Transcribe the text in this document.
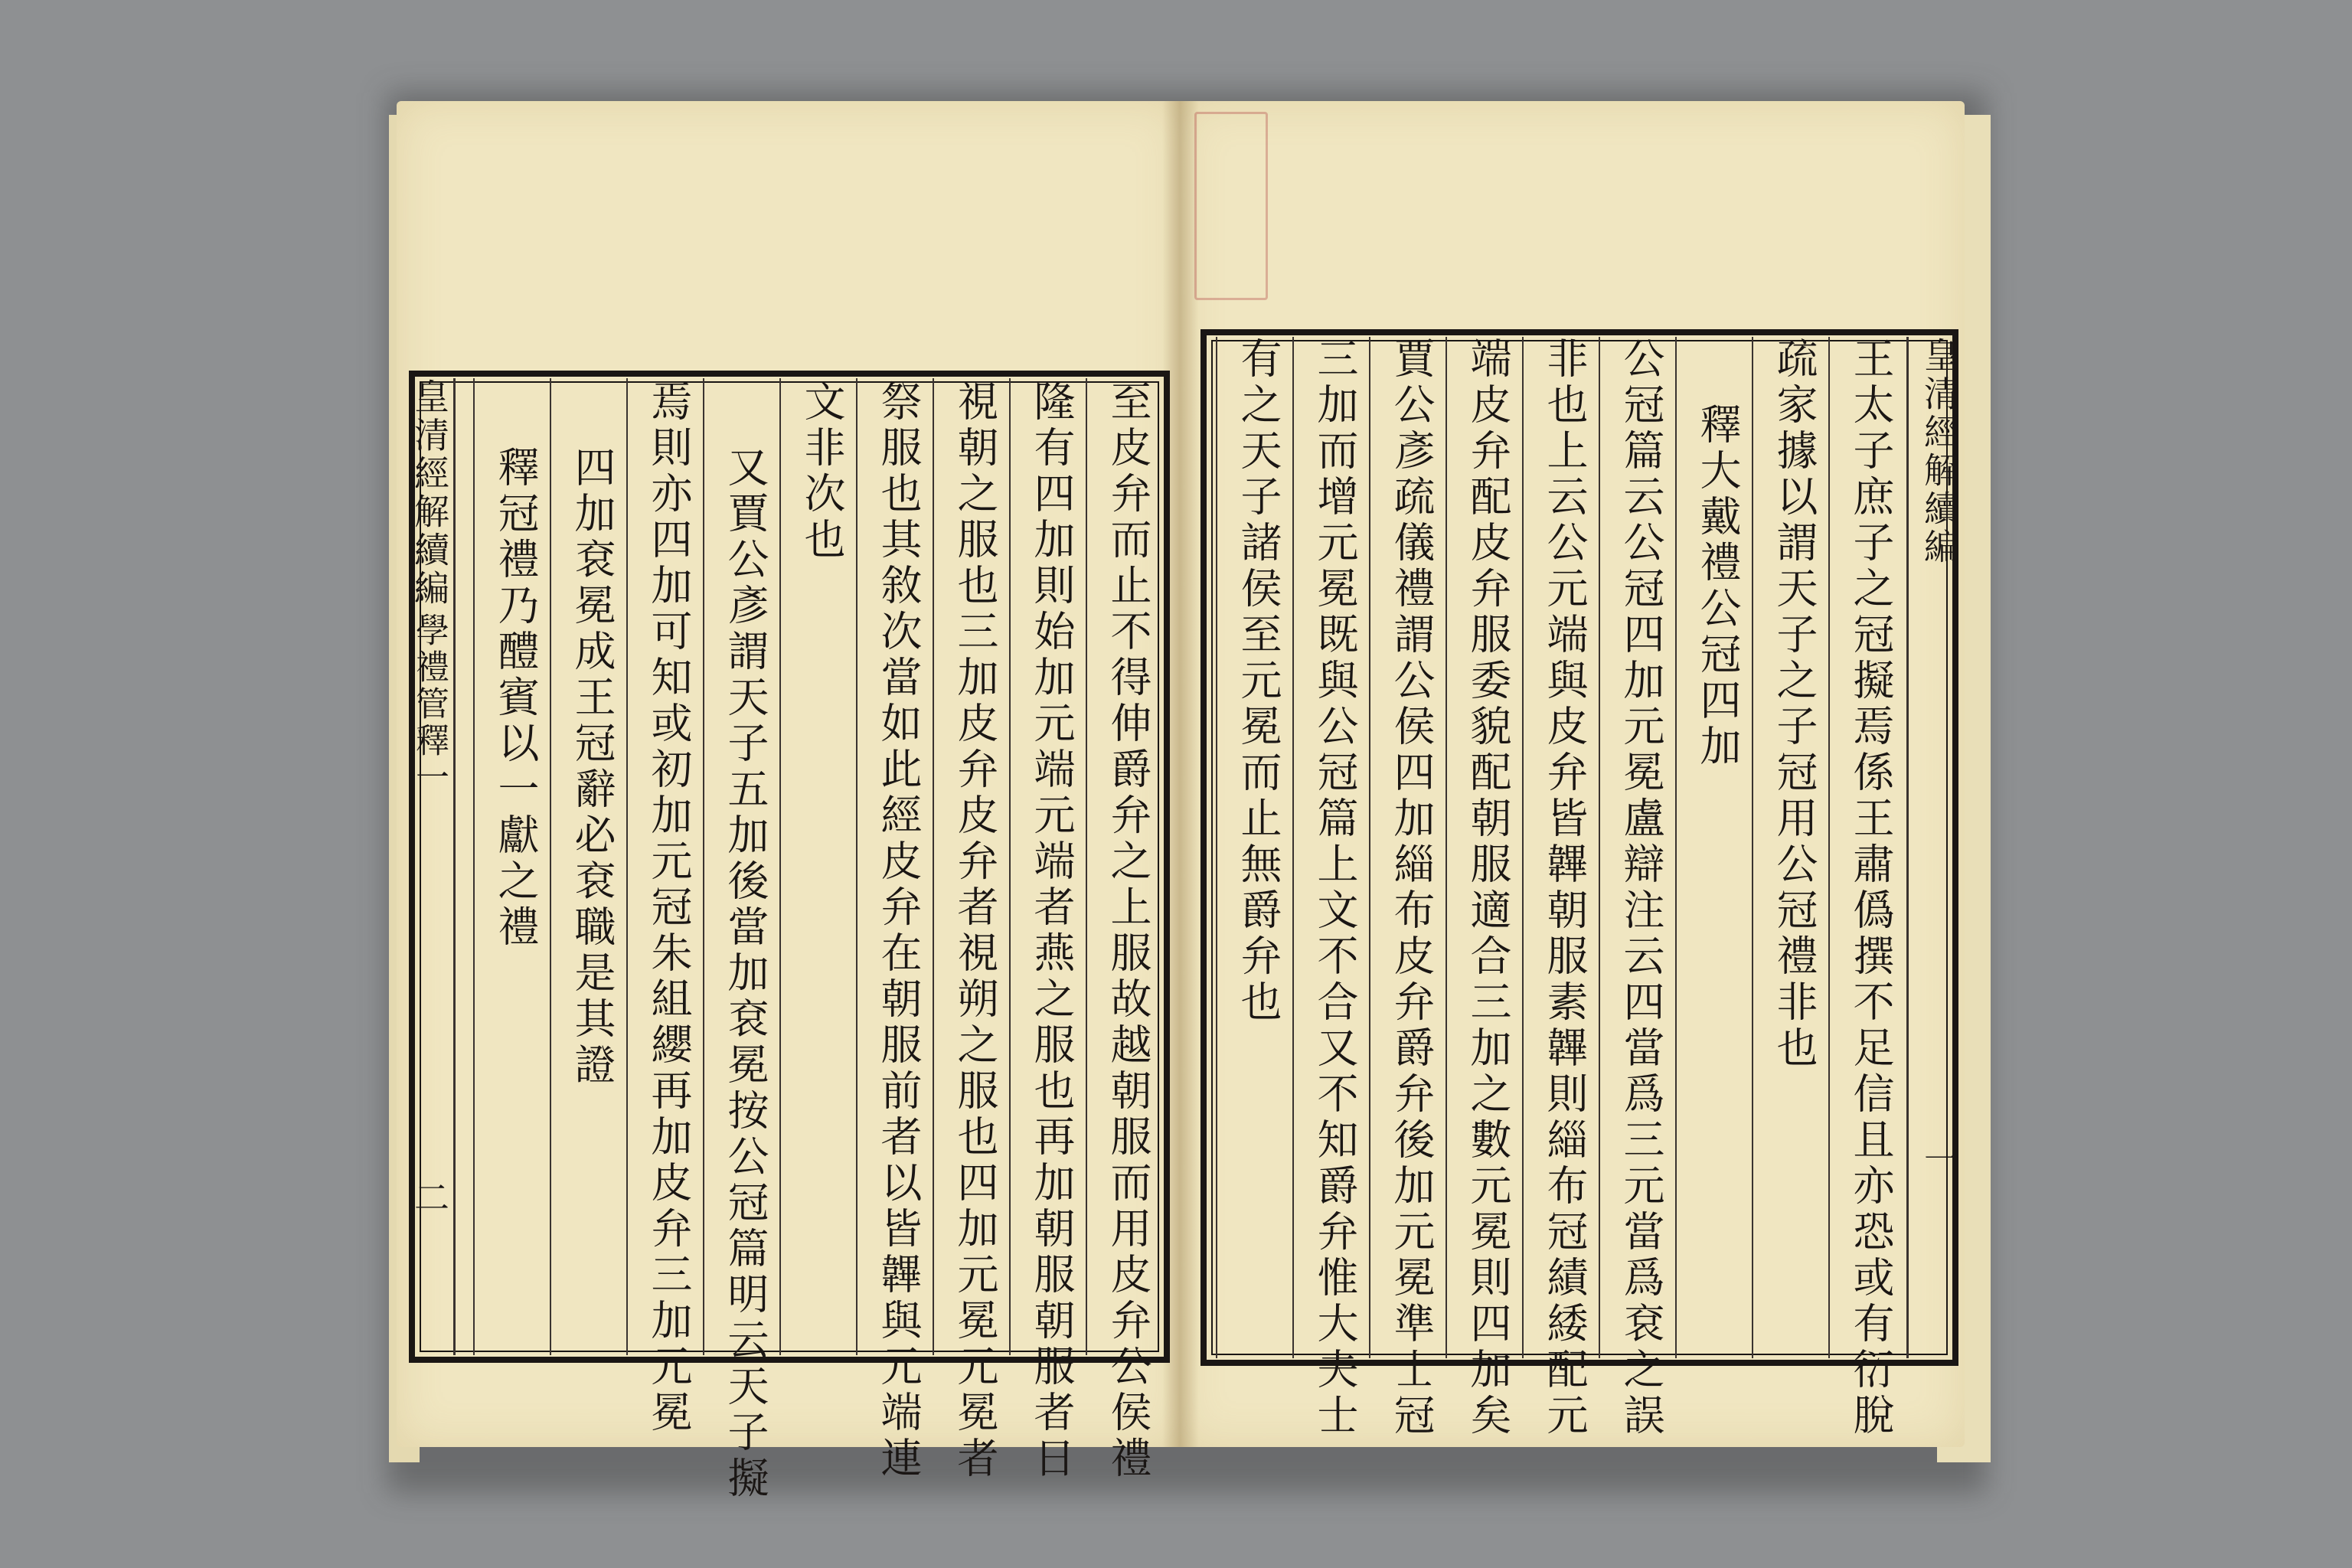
皇清經解續編
學禮管釋一
二	至皮弁而止不得伸爵弁之上服故越朝服而用皮弁公侯禮
隆有四加則始加元端元端者燕之服也再加朝服朝服者日
視朝之服也三加皮弁皮弁者視朔之服也四加元冕元冕者
祭服也其敘次當如此經皮弁在朝服前者以皆韠與元端連
文非次也
又賈公彥謂天子五加後當加袞冕按公冠篇明云天子擬
焉則亦四加可知或初加元冠朱組纓再加皮弁三加元冕
四加袞冕成王冠辭必袞職是其證
釋冠禮乃醴賓以一獻之禮	皇清經解續編
一
王太子庶子之冠擬焉係王肅僞撰不足信且亦恐或有衍脫
疏家據以謂天子之子冠用公冠禮非也
釋大戴禮公冠四加
公冠篇云公冠四加元冕盧辯注云四當爲三元當爲袞之誤
非也上云公元端與皮弁皆韠朝服素韠則緇布冠績緌配元
端皮弁配皮弁服委貌配朝服適合三加之數元冕則四加矣
賈公彥疏儀禮謂公侯四加緇布皮弁爵弁後加元冕準士冠
三加而增元冕既與公冠篇上文不合又不知爵弁惟大夫士
有之天子諸侯至元冕而止無爵弁也
